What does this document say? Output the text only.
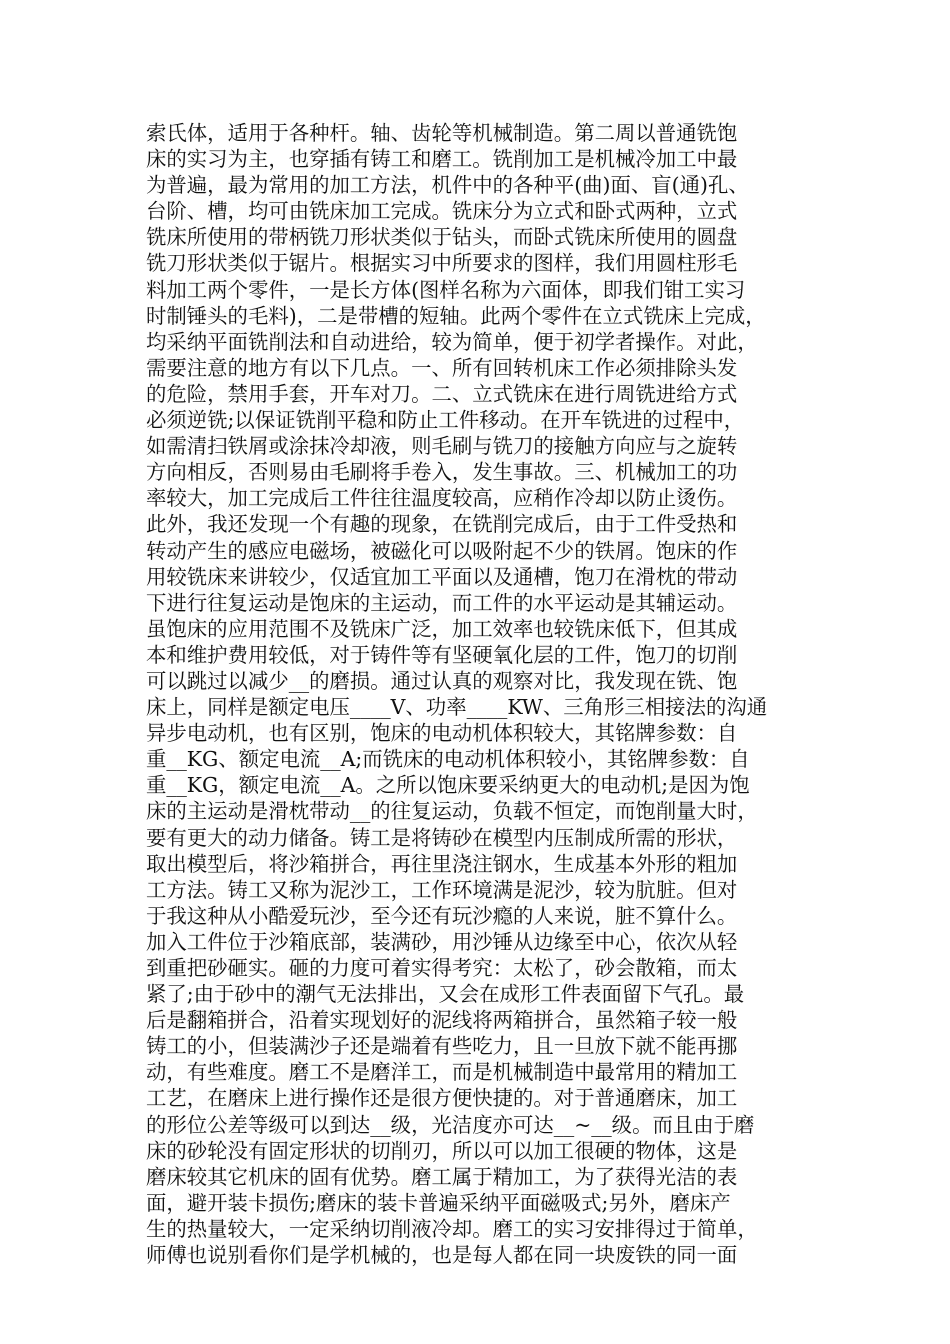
索氏体，适用于各种杆。轴、齿轮等机械制造。第二周以普通铣饱
床的实习为主，也穿插有铸工和磨工。铣削加工是机械冷加工中最
为普遍，最为常用的加工方法，机件中的各种平(曲)面、盲(通)孔、
台阶、槽，均可由铣床加工完成。铣床分为立式和卧式两种，立式
铣床所使用的带柄铣刀形状类似于钻头，而卧式铣床所使用的圆盘
铣刀形状类似于锯片。根据实习中所要求的图样，我们用圆柱形毛
料加工两个零件，一是长方体(图样名称为六面体，即我们钳工实习
时制锤头的毛料)，二是带槽的短轴。此两个零件在立式铣床上完成，
均采纳平面铣削法和自动进给，较为简单，便于初学者操作。对此，
需要注意的地方有以下几点。一、所有回转机床工作必须排除头发
的危险，禁用手套，开车对刀。二、立式铣床在进行周铣进给方式
必须逆铣;以保证铣削平稳和防止工件移动。在开车铣进的过程中，
如需清扫铁屑或涂抹冷却液，则毛刷与铣刀的接触方向应与之旋转
方向相反，否则易由毛刷将手卷入，发生事故。三、机械加工的功
率较大，加工完成后工件往往温度较高，应稍作冷却以防止烫伤。
此外，我还发现一个有趣的现象，在铣削完成后，由于工件受热和
转动产生的感应电磁场，被磁化可以吸附起不少的铁屑。饱床的作
用较铣床来讲较少，仅适宜加工平面以及通槽，饱刀在滑枕的带动
下进行往复运动是饱床的主运动，而工件的水平运动是其辅运动。
虽饱床的应用范围不及铣床广泛，加工效率也较铣床低下，但其成
本和维护费用较低，对于铸件等有坚硬氧化层的工件，饱刀的切削
可以跳过以减少__的磨损。通过认真的观察对比，我发现在铣、饱
床上，同样是额定电压____V、功率____KW、三角形三相接法的沟通
异步电动机，也有区别，饱床的电动机体积较大，其铭牌参数：自
重__KG、额定电流__A;而铣床的电动机体积较小，其铭牌参数：自
重__KG，额定电流__A。之所以饱床要采纳更大的电动机;是因为饱
床的主运动是滑枕带动__的往复运动，负载不恒定，而饱削量大时，
要有更大的动力储备。铸工是将铸砂在模型内压制成所需的形状，
取出模型后，将沙箱拼合，再往里浇注钢水，生成基本外形的粗加
工方法。铸工又称为泥沙工，工作环境满是泥沙，较为肮脏。但对
于我这种从小酷爱玩沙，至今还有玩沙瘾的人来说，脏不算什么。
加入工件位于沙箱底部，装满砂，用沙锤从边缘至中心，依次从轻
到重把砂砸实。砸的力度可着实得考究：太松了，砂会散箱，而太
紧了;由于砂中的潮气无法排出，又会在成形工件表面留下气孔。最
后是翻箱拼合，沿着实现划好的泥线将两箱拼合，虽然箱子较一般
铸工的小，但装满沙子还是端着有些吃力，且一旦放下就不能再挪
动，有些难度。磨工不是磨洋工，而是机械制造中最常用的精加工
工艺，在磨床上进行操作还是很方便快捷的。对于普通磨床，加工
的形位公差等级可以到达__级，光洁度亦可达__~__级。而且由于磨
床的砂轮没有固定形状的切削刃，所以可以加工很硬的物体，这是
磨床较其它机床的固有优势。磨工属于精加工，为了获得光洁的表
面，避开装卡损伤;磨床的装卡普遍采纳平面磁吸式;另外，磨床产
生的热量较大，一定采纳切削液冷却。磨工的实习安排得过于简单，
师傅也说别看你们是学机械的，也是每人都在同一块废铁的同一面
